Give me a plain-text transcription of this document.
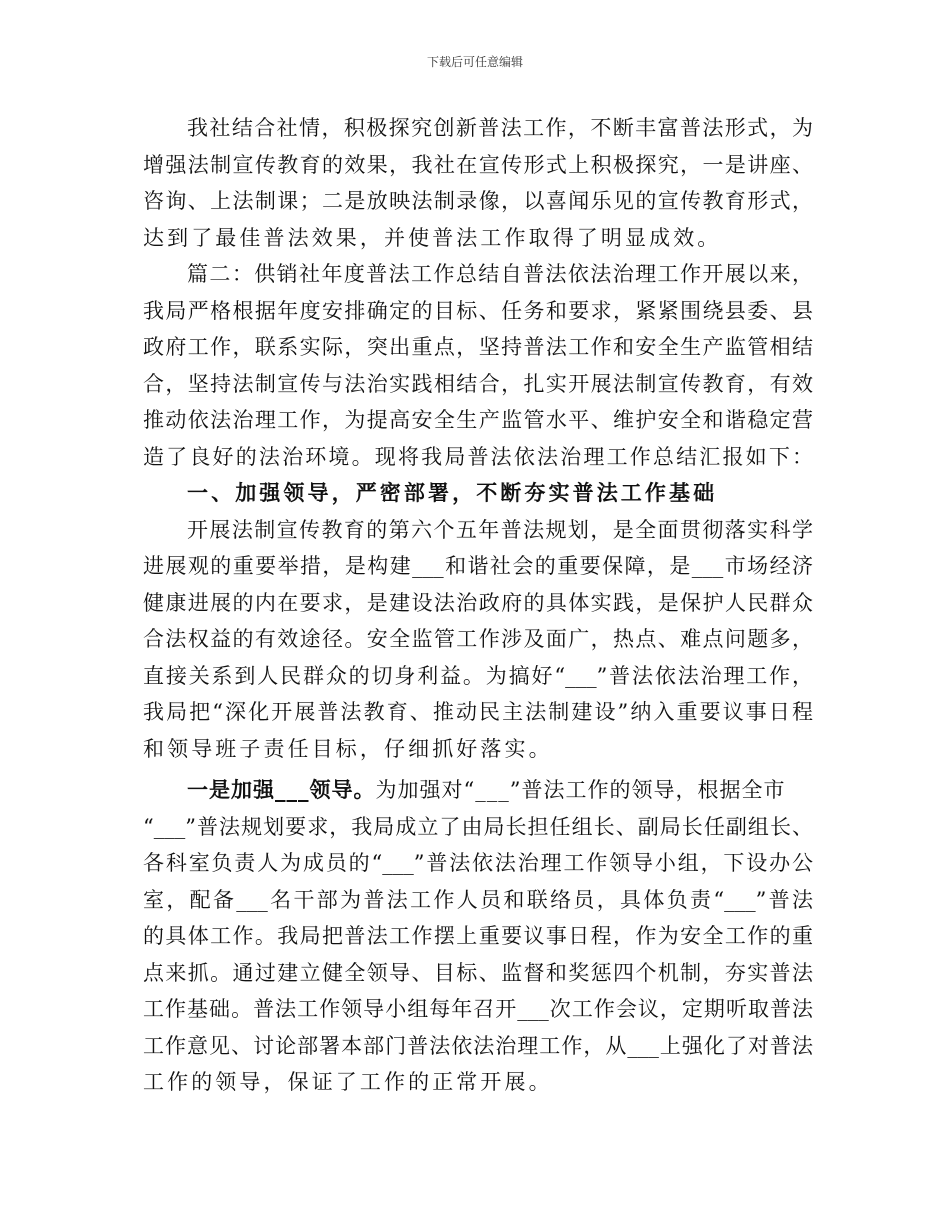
下载后可任意编辑
我社结合社情，积极探究创新普法工作，不断丰富普法形式，为
增强法制宣传教育的效果，我社在宣传形式上积极探究，一是讲座、
咨询、上法制课；二是放映法制录像，以喜闻乐见的宣传教育形式，
达到了最佳普法效果，并使普法工作取得了明显成效。
篇二：供销社年度普法工作总结自普法依法治理工作开展以来，
我局严格根据年度安排确定的目标、任务和要求，紧紧围绕县委、县
政府工作，联系实际，突出重点，坚持普法工作和安全生产监管相结
合，坚持法制宣传与法治实践相结合，扎实开展法制宣传教育，有效
推动依法治理工作，为提高安全生产监管水平、维护安全和谐稳定营
造了良好的法治环境。现将我局普法依法治理工作总结汇报如下：
一、加强领导，严密部署，不断夯实普法工作基础
开展法制宣传教育的第六个五年普法规划，是全面贯彻落实科学
进展观的重要举措，是构建___和谐社会的重要保障，是___市场经济
健康进展的内在要求，是建设法治政府的具体实践，是保护人民群众
合法权益的有效途径。安全监管工作涉及面广，热点、难点问题多，
直接关系到人民群众的切身利益。为搞好“___”普法依法治理工作，
我局把“深化开展普法教育、推动民主法制建设”纳入重要议事日程
和领导班子责任目标，仔细抓好落实。
一是加强___领导。为加强对“___”普法工作的领导，根据全市
“___”普法规划要求，我局成立了由局长担任组长、副局长任副组长、
各科室负责人为成员的“___”普法依法治理工作领导小组，下设办公
室，配备___名干部为普法工作人员和联络员，具体负责“___”普法
的具体工作。我局把普法工作摆上重要议事日程，作为安全工作的重
点来抓。通过建立健全领导、目标、监督和奖惩四个机制，夯实普法
工作基础。普法工作领导小组每年召开___次工作会议，定期听取普法
工作意见、讨论部署本部门普法依法治理工作，从___上强化了对普法
工作的领导，保证了工作的正常开展。
